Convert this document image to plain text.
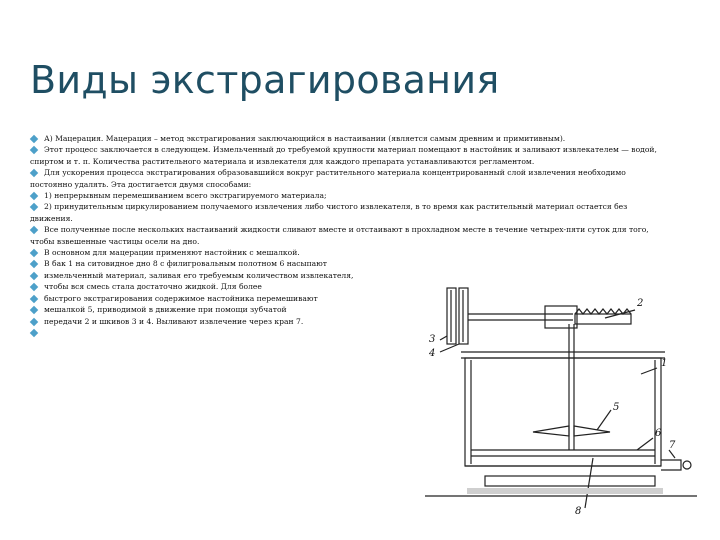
Виды экстрагирования

А) Мацерация. Мацерация – метод экстрагирования заключающийся в настаивании (является самым древним и примитивным).

Этот процесс заключается в следующем. Измельченный до требуемой крупности материал помещают в настойник и заливают извлекателем — водой, спиртом и т. п. Количества растительного материала и извлекателя для каждого препарата устанавливаются регламентом.

Для ускорения процесса экстрагирования образовавшийся вокруг растительного материала концентрированный слой извлечения необходимо постоянно удалять. Эта достигается двумя способами:

1) непрерывным перемешиванием всего экстрагируемого материала;

2) принудительным циркулированием получаемого извлечения либо чистого извлекателя, в то время как растительный материал остается без движения.

Все полученные после нескольких настаиваний жидкости сливают вместе и отстаивают в прохладном месте в течение четырех-пяти суток для того, чтобы взвешенные частицы осели на дно.

В основном для мацерации применяют настойник с мешалкой.

В бак 1 на ситовидное дно 8 с филигровальным полотном 6 насыпают

измельченный материал, заливая его требуемым количеством извлекателя,

чтобы вся смесь стала достаточно жидкой. Для более

быстрого экстрагирования содержимое настойника перемешивают

мешалкой 5, приводимой в движение при помощи зубчатой

передачи 2 и шкивов 3 и 4. Выливают извлечение через кран 7.

2
3
4
1
5
6
7
8
